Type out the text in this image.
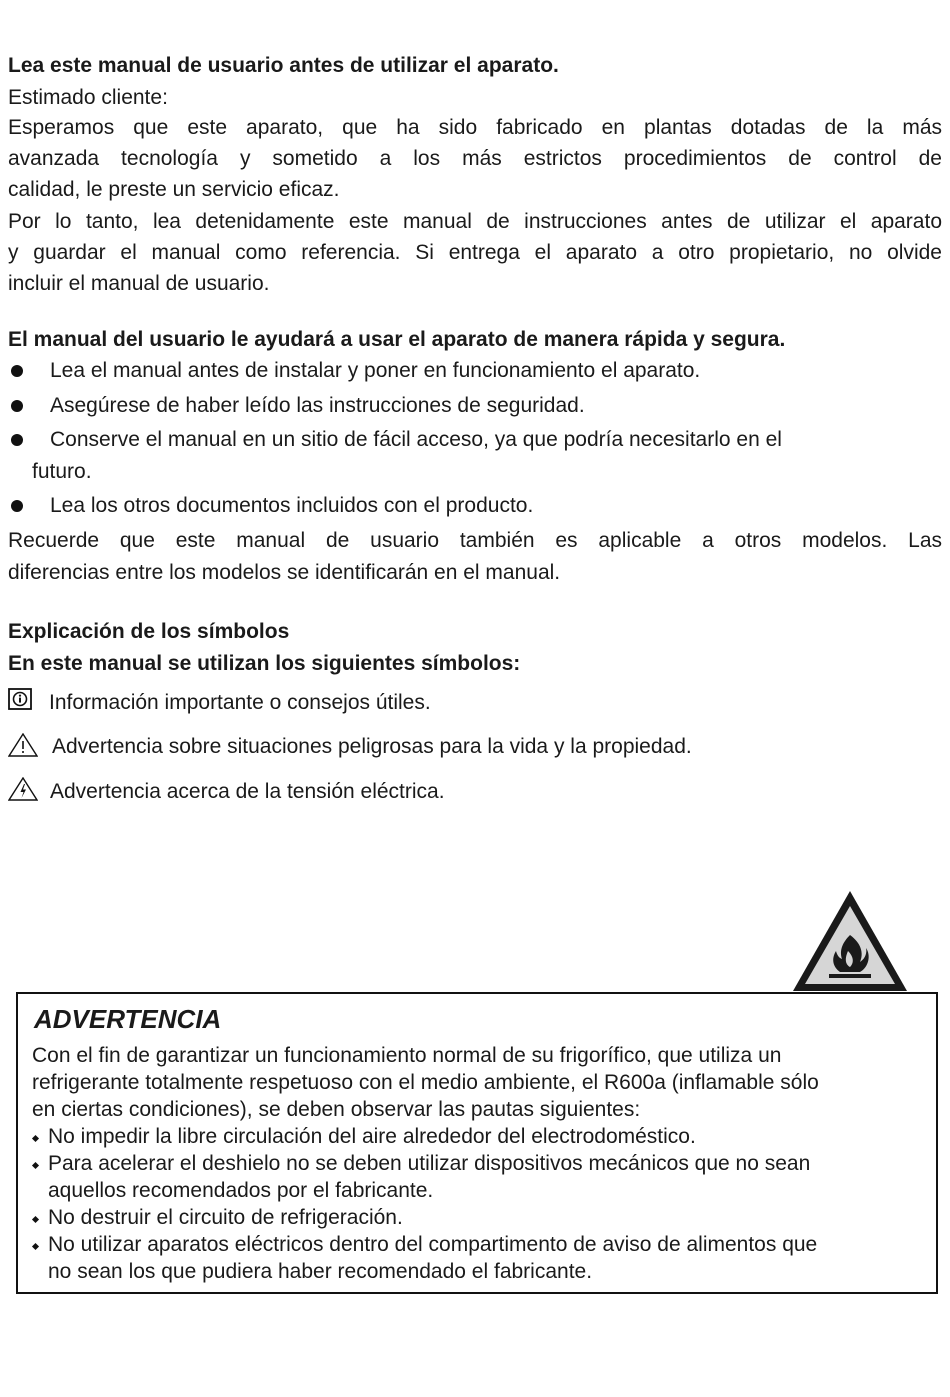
Lea este manual de usuario antes de utilizar el aparato.
Estimado cliente:
Esperamos que este aparato, que ha sido fabricado en plantas dotadas de la más
avanzada tecnología y sometido a los más estrictos procedimientos de control de
calidad, le preste un servicio eficaz.
Por lo tanto, lea detenidamente este manual de instrucciones antes de utilizar el aparato
y guardar el manual como referencia. Si entrega el aparato a otro propietario, no olvide
incluir el manual de usuario.
El manual del usuario le ayudará a usar el aparato de manera rápida y segura.
Lea el manual antes de instalar y poner en funcionamiento el aparato.
Asegúrese de haber leído las instrucciones de seguridad.
Conserve el manual en un sitio de fácil acceso, ya que podría necesitarlo en el
futuro.
Lea los otros documentos incluidos con el producto.
Recuerde que este manual de usuario también es aplicable a otros modelos. Las
diferencias entre los modelos se identificarán en el manual.
Explicación de los símbolos
En este manual se utilizan los siguientes símbolos:
Información importante o consejos útiles.
Advertencia sobre situaciones peligrosas para la vida y la propiedad.
Advertencia acerca de la tensión eléctrica.
ADVERTENCIA
Con el fin de garantizar un funcionamiento normal de su frigorífico, que utiliza un
refrigerante totalmente respetuoso con el medio ambiente, el R600a (inflamable sólo
en ciertas condiciones), se deben observar las pautas siguientes:
No impedir la libre circulación del aire alrededor del electrodoméstico.
Para acelerar el deshielo no se deben utilizar dispositivos mecánicos que no sean
aquellos recomendados por el fabricante.
No destruir el circuito de refrigeración.
No utilizar aparatos eléctricos dentro del compartimento de aviso de alimentos que
no sean los que pudiera haber recomendado el fabricante.
